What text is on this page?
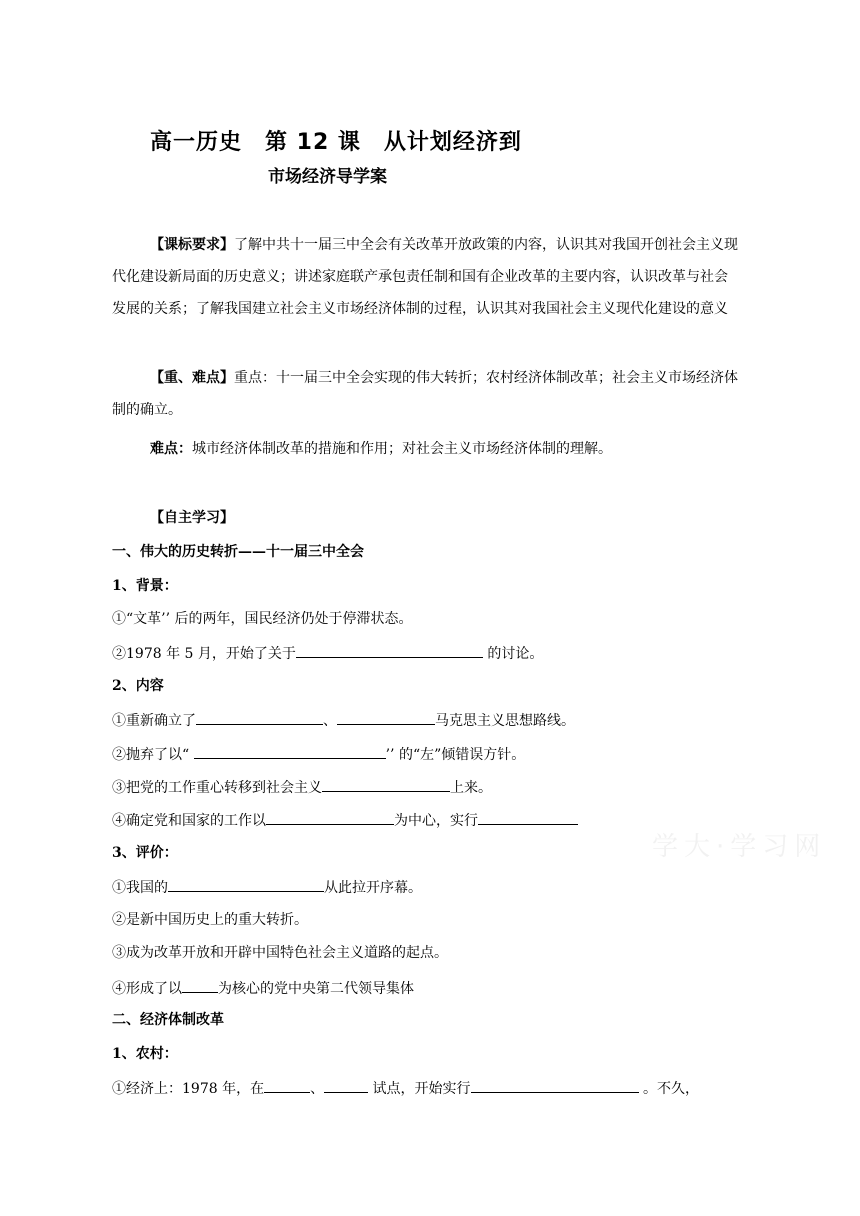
高一历史　第 12 课　从计划经济到
市场经济导学案
【课标要求】了解中共十一届三中全会有关改革开放政策的内容，认识其对我国开创社会主义现代化建设新局面的历史意义；讲述家庭联产承包责任制和国有企业改革的主要内容，认识改革与社会发展的关系；了解我国建立社会主义市场经济体制的过程，认识其对我国社会主义现代化建设的意义
【重、难点】重点：十一届三中全会实现的伟大转折；农村经济体制改革；社会主义市场经济体制的确立。
难点：城市经济体制改革的措施和作用；对社会主义市场经济体制的理解。
【自主学习】
一、伟大的历史转折——十一届三中全会
1、背景：
①“文革’’ 后的两年，国民经济仍处于停滞状态。
②1978 年 5 月，开始了关于	的讨论。
2、内容
①重新确立了	、	马克思主义思想路线。
②抛弃了以“	’’ 的“左”倾错误方针。
③把党的工作重心转移到社会主义	上来。
④确定党和国家的工作以	为中心，实行
3、评价：
①我国的	从此拉开序幕。
②是新中国历史上的重大转折。
③成为改革开放和开辟中国特色社会主义道路的起点。
④形成了以	为核心的党中央第二代领导集体
二、经济体制改革
1、农村：
①经济上：1978 年，在	、	试点，开始实行	。不久，
学大·学习网
